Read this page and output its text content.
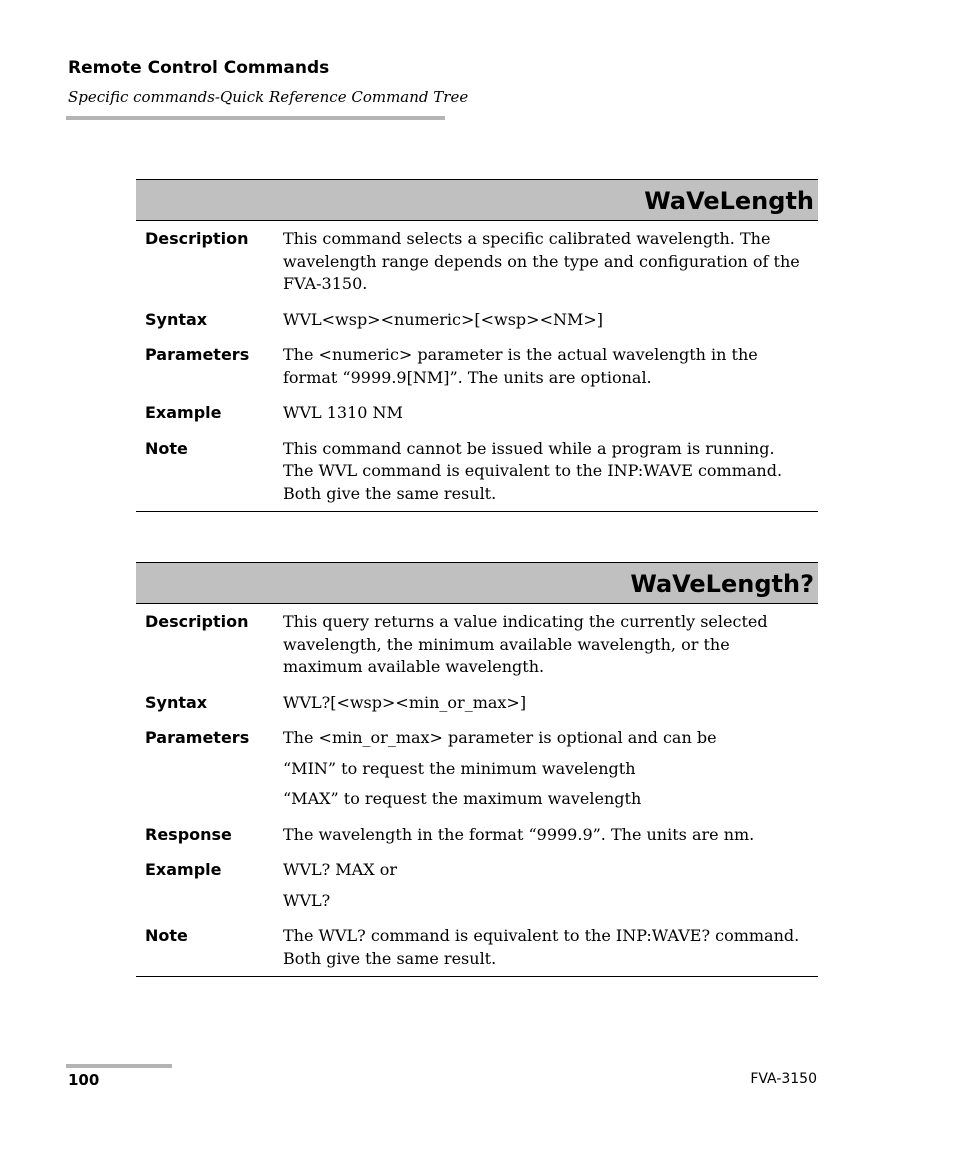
Remote Control Commands
Specific commands-Quick Reference Command Tree
WaVeLength
Description	This command selects a specific calibrated wavelength. The
wavelength range depends on the type and configuration of the
FVA-3150.

Syntax	WVL<wsp><numeric>[<wsp><NM>]

Parameters	The <numeric> parameter is the actual wavelength in the
format “9999.9[NM]”. The units are optional.

Example	WVL 1310 NM

Note	This command cannot be issued while a program is running.
The WVL command is equivalent to the INP:WAVE command.
Both give the same result.
WaVeLength?
Description	This query returns a value indicating the currently selected
wavelength, the minimum available wavelength, or the
maximum available wavelength.

Syntax	WVL?[<wsp><min_or_max>]

Parameters	The <min_or_max> parameter is optional and can be
“MIN” to request the minimum wavelength
“MAX” to request the maximum wavelength

Response	The wavelength in the format “9999.9”. The units are nm.

Example	WVL? MAX or
WVL?

Note	The WVL? command is equivalent to the INP:WAVE? command.
Both give the same result.
100	FVA-3150
